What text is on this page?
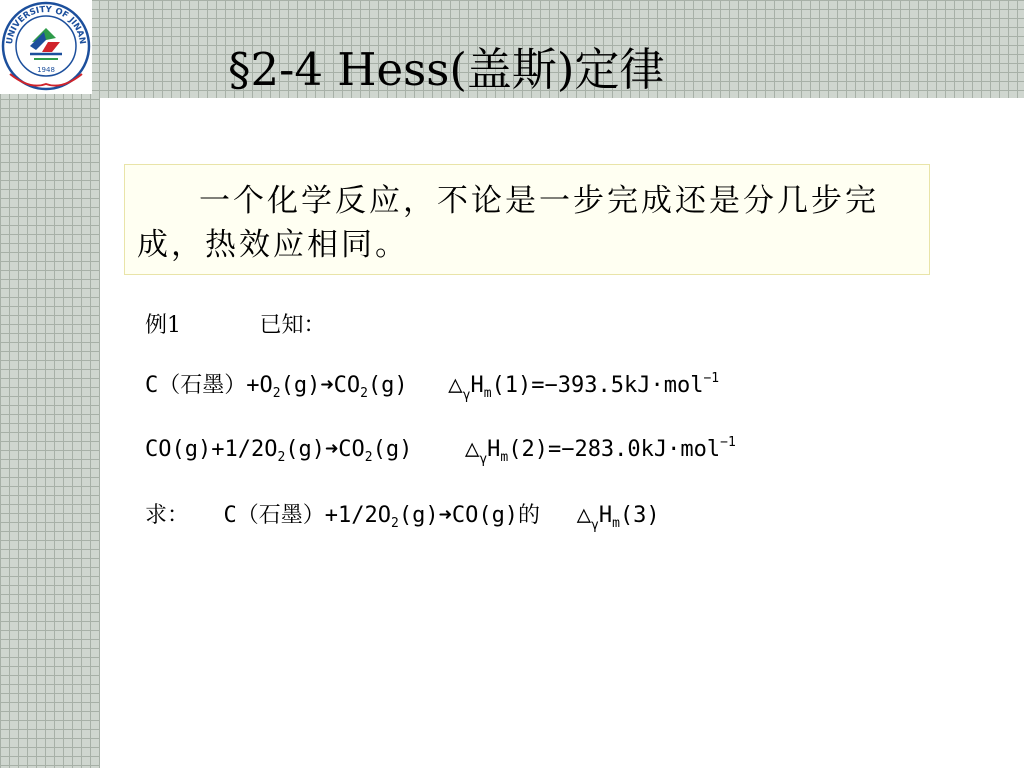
UNIVERSITY OF JINAN
1948	§2-4 Hess(盖斯)定律
一个化学反应，不论是一步完成还是分几步完成，热效应相同。
例1	已知：
C（石墨）$+O_2(g)➜CO_2(g)$ $\triangle_\gamma H_m(1)=-393.5kJ\cdot mol^{-1}$
$CO(g)+1/2O_2(g)➜CO_2(g)$ $\triangle_\gamma H_m(2)=-283.0kJ\cdot mol^{-1}$
求： C（石墨）$+1/2O_2(g)➜CO(g)$的 $\triangle_\gamma H_m(3)$
